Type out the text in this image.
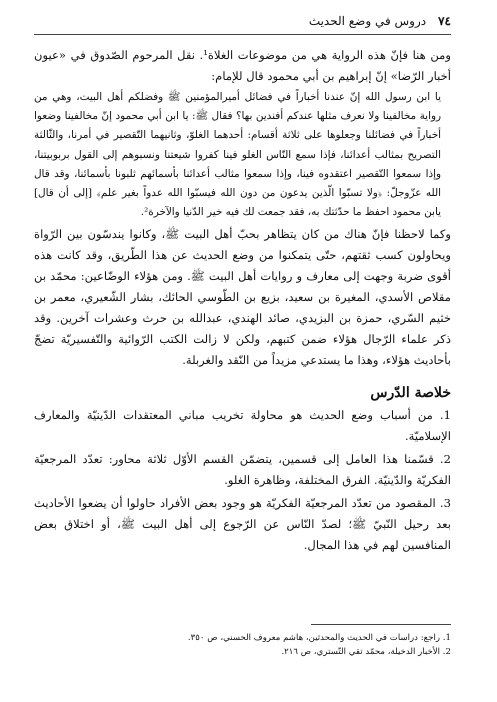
٧٤
دروس في وضع الحديث

ومن هنا فإنّ هذه الرواية هي من موضوعات الغلاة¹. نقل المرحوم الصّدوق في «عيون أخبار الرّضا» إنّ إبراهيم بن أبي محمود قال للإمام:

يا ابن رسول الله إنّ عندنا أخباراً في فضائل أميرالمؤمنين ﷺ وفضلكم أهل البيت، وهي من رواية مخالفينا ولا نعرف مثلها عندكم أفندين بها؟ فقال ﷺ: يا ابن أبي محمود إنّ مخالفينا وضعوا أخباراً في فضائلنا وجعلوها على ثلاثة أقسام: أحدهما الغلوّ، وثانيهما التّقصير في أمرنا، والثّالثة التصريح بمثالب أعدائنا، فإذا سمع النّاس الغلو فينا كفروا شيعتنا ونسبوهم إلى القول بربوبيتنا، وإذا سمعوا التّقصير اعتقدوه فينا، وإذا سمعوا مثالب أعدائنا بأسمائهم ثلبونا بأسمائنا، وقد قال الله عزّوجلّ: ﴿ولا تسبّوا الّذين يدعون من دون الله فيسبّوا الله عدواً بغير علم﴾ [إلى أن قال] يابن محمود احفظ ما حدّثتك به، فقد جمعت لك فيه خير الدّنيا والآخرة².

وكما لاحظنا فإنّ هناك من كان يتظاهر بحبّ أهل البيت ﷺ، وكانوا يندسّون بين الرّواة ويحاولون كسب ثقتهم، حتّى يتمكنوا من وضع الحديث عن هذا الطّريق، وقد كانت هذه أقوى ضربة وجهت إلى معارف و روايات أهل البيت ﷺ. ومن هؤلاء الوضّاعين: محمّد بن مقلاص الأسدي، المغيرة بن سعيد، بزيع بن الطّوسي الحائك، بشار الشّعيري، معمر بن خثيم السّري، حمزة بن البزيدي، صائد الهندي، عبدالله بن حرث وعشرات آخرين. وقد ذكر علماء الرّجال هؤلاء ضمن كتبهم، ولكن لا زالت الكتب الرّوائية والتّفسيريّة تضجّ بأحاديث هؤلاء، وهذا ما يستدعي مزيداً من النّقد والغربلة.

خلاصة الدّرس

1. من أسباب وضع الحديث هو محاولة تخريب مباني المعتقدات الدّينيّة والمعارف الإسلاميّة.

2. قسّمنا هذا العامل إلى قسمين، يتضمّن القسم الأوّل ثلاثة محاور: تعدّد المرجعيّة الفكريّة والدّينيّة. الفرق المختلفة، وظاهرة الغلو.

3. المقصود من تعدّد المرجعيّة الفكريّة هو وجود بعض الأفراد حاولوا أن يضعوا الأحاديث بعد رحيل النّبيّ ﷺ؛ لصدّ النّاس عن الرّجوع إلى أهل البيت ﷺ، أو اختلاق بعض المنافسين لهم في هذا المجال.

1. راجع: دراسات في الحديث والمحدثين، هاشم معروف الحسني، ص ٣٥٠.
2. الأخبار الدخيلة، محمّد تقي التّستري، ص ٢١٦.
